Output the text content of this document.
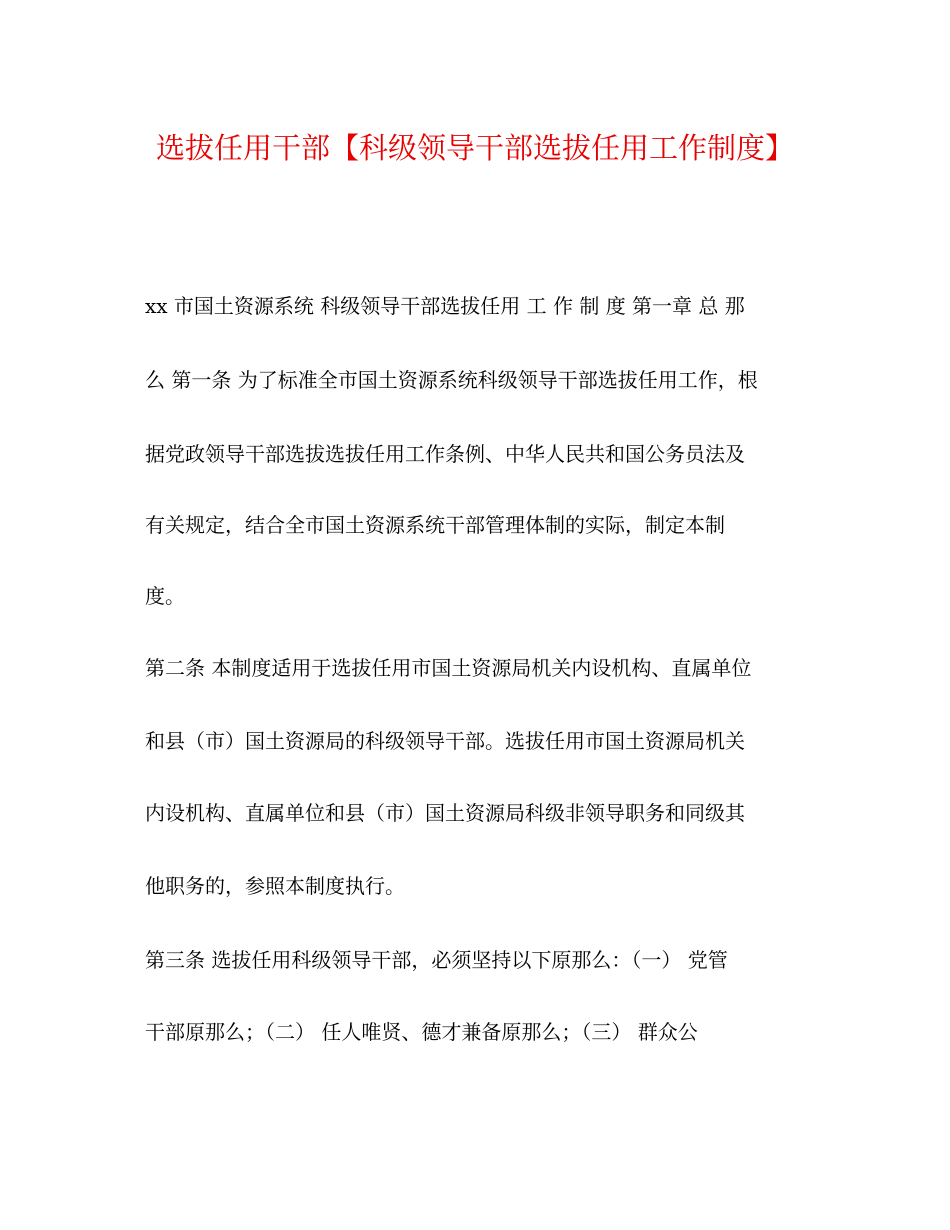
选拔任用干部【科级领导干部选拔任用工作制度】

xx 市国土资源系统 科级领导干部选拔任用 工 作 制 度 第一章 总 那

么 第一条 为了标准全市国土资源系统科级领导干部选拔任用工作，根

据党政领导干部选拔选拔任用工作条例、中华人民共和国公务员法及

有关规定，结合全市国土资源系统干部管理体制的实际，制定本制

度。

第二条 本制度适用于选拔任用市国土资源局机关内设机构、直属单位

和县（市）国土资源局的科级领导干部。选拔任用市国土资源局机关

内设机构、直属单位和县（市）国土资源局科级非领导职务和同级其

他职务的，参照本制度执行。

第三条 选拔任用科级领导干部，必须坚持以下原那么：（一） 党管

干部原那么；（二） 任人唯贤、德才兼备原那么；（三） 群众公
